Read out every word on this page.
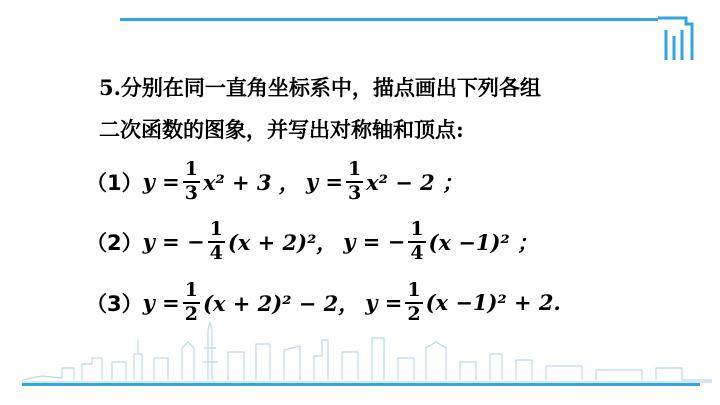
5.分别在同一直角坐标系中，描点画出下列各组
二次函数的图象，并写出对称轴和顶点:
（1） $y = \frac{1}{3} x^2 + 3$ ， $y = \frac{1}{3} x^2 - 2$ ；
（2） y = − $\frac{1}{4} (x + 2)^2$， y = − $\frac{1}{4} (x -1)^2$ ；
（3） $y = \frac{1}{2} (x + 2)^2 - 2$， $y = \frac{1}{2} (x -1)^2 + 2$.
